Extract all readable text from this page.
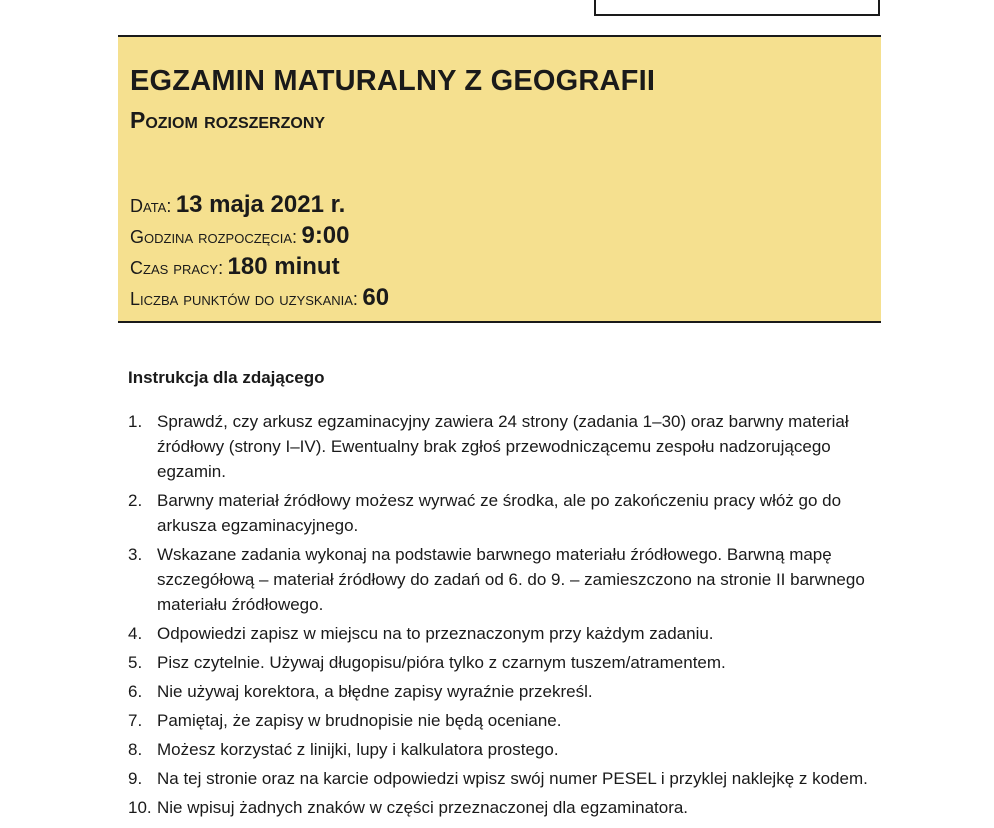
EGZAMIN MATURALNY Z GEOGRAFII
Poziom rozszerzony
Data: 13 maja 2021 r.
Godzina rozpoczęcia: 9:00
Czas pracy: 180 minut
Liczba punktów do uzyskania: 60
Instrukcja dla zdającego
1. Sprawdź, czy arkusz egzaminacyjny zawiera 24 strony (zadania 1–30) oraz barwny materiał źródłowy (strony I–IV). Ewentualny brak zgłoś przewodniczącemu zespołu nadzorującego egzamin.
2. Barwny materiał źródłowy możesz wyrwać ze środka, ale po zakończeniu pracy włóż go do arkusza egzaminacyjnego.
3. Wskazane zadania wykonaj na podstawie barwnego materiału źródłowego. Barwną mapę szczegółową – materiał źródłowy do zadań od 6. do 9. – zamieszczono na stronie II barwnego materiału źródłowego.
4. Odpowiedzi zapisz w miejscu na to przeznaczonym przy każdym zadaniu.
5. Pisz czytelnie. Używaj długopisu/pióra tylko z czarnym tuszem/atramentem.
6. Nie używaj korektora, a błędne zapisy wyraźnie przekreśl.
7. Pamiętaj, że zapisy w brudnopisie nie będą oceniane.
8. Możesz korzystać z linijki, lupy i kalkulatora prostego.
9. Na tej stronie oraz na karcie odpowiedzi wpisz swój numer PESEL i przyklej naklejkę z kodem.
10. Nie wpisuj żadnych znaków w części przeznaczonej dla egzaminatora.
